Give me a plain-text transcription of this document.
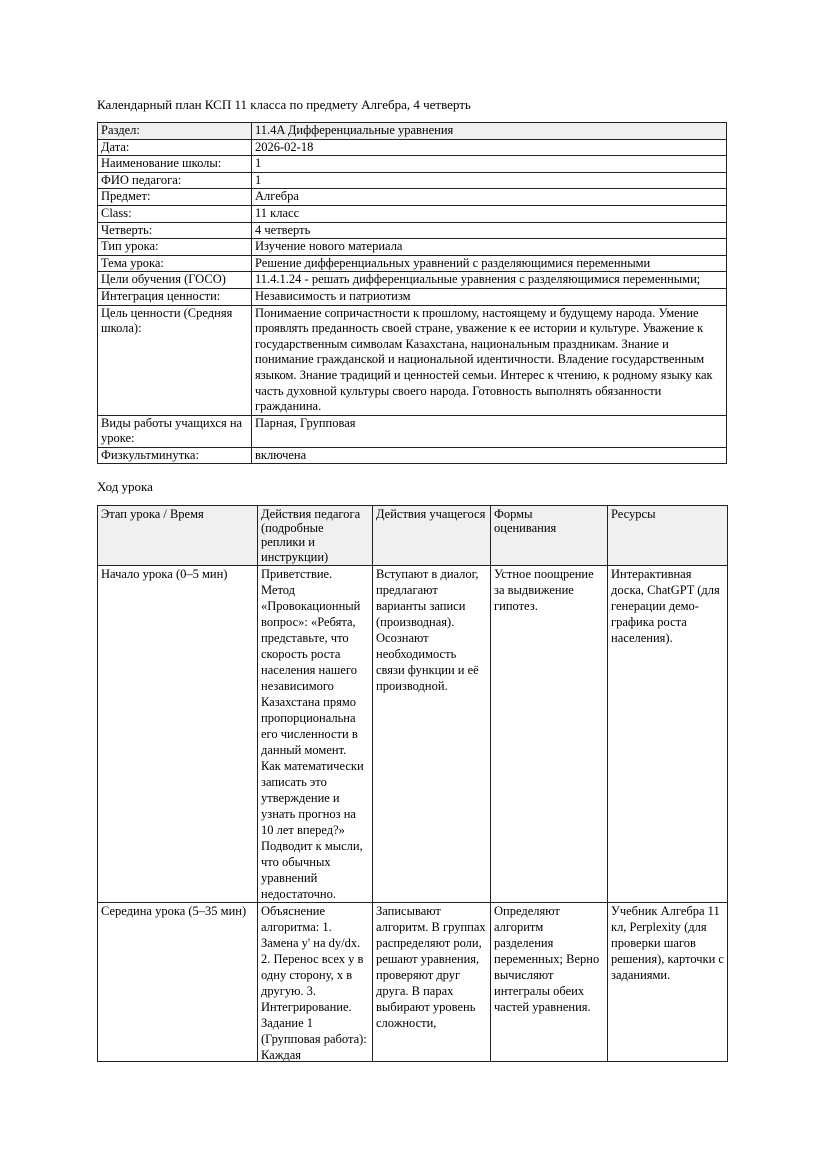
Календарный план КСП 11 класса по предмету Алгебра, 4 четверть
Раздел:	11.4A Дифференциальные уравнения
Дата:	2026-02-18
Наименование школы:	1
ФИО педагога:	1
Предмет:	Алгебра
Class:	11 класс
Четверть:	4 четверть
Тип урока:	Изучение нового материала
Тема урока:	Решение дифференциальных уравнений с разделяющимися переменными
Цели обучения (ГОСО)	11.4.1.24 - решать дифференциальные уравнения с разделяющимися переменными;
Интеграция ценности:	Независимость и патриотизм
Цель ценности (Средняя школа):	Понимаение сопричастности к прошлому, настоящему и будущему народа. Умение проявлять преданность своей стране, уважение к ее истории и культуре. Уважение к государственным символам Казахстана, национальным праздникам. Знание и понимание гражданской и национальной идентичности. Владение государственным языком. Знание традиций и ценностей семьи. Интерес к чтению, к родному языку как часть духовной культуры своего народа. Готовность выполнять обязанности гражданина.
Виды работы учащихся на уроке:	Парная, Групповая
Физкультминутка:	включена
Ход урока
Этап урока / Время	Действия педагога (подробные реплики и инструкции)	Действия учащегося	Формы оценивания	Ресурсы

Начало урока (0–5 мин)	Приветствие. Метод «Провокационный вопрос»: «Ребята, представьте, что скорость роста населения нашего независимого Казахстана прямо пропорциональна его численности в данный момент. Как математически записать это утверждение и узнать прогноз на 10 лет вперед?» Подводит к мысли, что обычных уравнений недостаточно.	Вступают в диалог, предлагают варианты записи (производная). Осознают необходимость связи функции и её производной.	Устное поощрение за выдвижение гипотез.	Интерактивная доска, ChatGPT (для генерации демо-графика роста населения).

Середина урока (5–35 мин)	Объяснение алгоритма: 1. Замена y' на dy/dx. 2. Перенос всех y в одну сторону, x в другую. 3. Интегрирование. Задание 1 (Групповая работа): Каждая	Записывают алгоритм. В группах распределяют роли, решают уравнения, проверяют друг друга. В парах выбирают уровень сложности,	Определяют алгоритм разделения переменных; Верно вычисляют интегралы обеих частей уравнения.	Учебник Алгебра 11 кл, Perplexity (для проверки шагов решения), карточки с заданиями.
